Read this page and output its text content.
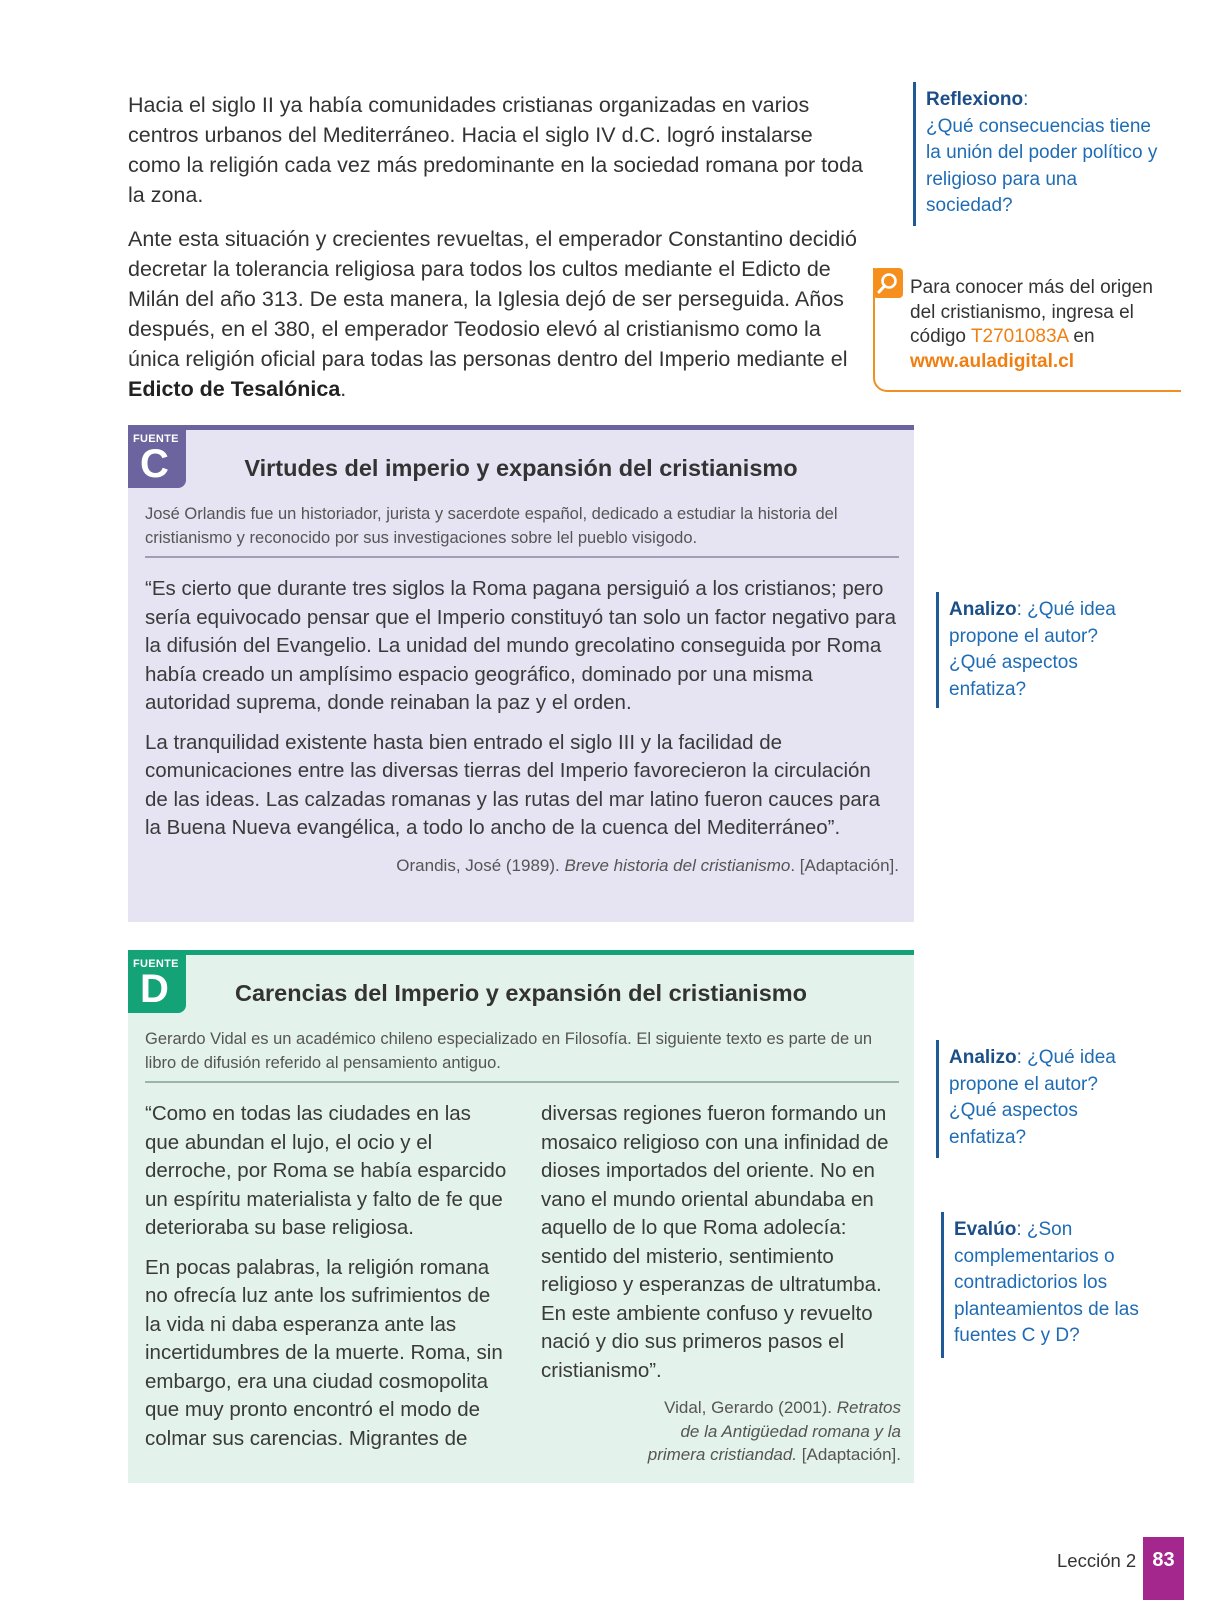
Hacia el siglo II ya había comunidades cristianas organizadas en varios centros urbanos del Mediterráneo. Hacia el siglo IV d.C. logró instalarse como la religión cada vez más predominante en la sociedad romana por toda la zona.

Ante esta situación y crecientes revueltas, el emperador Constantino decidió decretar la tolerancia religiosa para todos los cultos mediante el Edicto de Milán del año 313. De esta manera, la Iglesia dejó de ser perseguida. Años después, en el 380, el emperador Teodosio elevó al cristianismo como la única religión oficial para todas las personas dentro del Imperio mediante el Edicto de Tesalónica.

Reflexiono:
¿Qué consecuencias tiene la unión del poder político y religioso para una sociedad?
Para conocer más del origen del cristianismo, ingresa el código T2701083A en www.auladigital.cl
FUENTE
C	Virtudes del imperio y expansión del cristianismo
José Orlandis fue un historiador, jurista y sacerdote español, dedicado a estudiar la historia del cristianismo y reconocido por sus investigaciones sobre lel pueblo visigodo.

“Es cierto que durante tres siglos la Roma pagana persiguió a los cristianos; pero sería equivocado pensar que el Imperio constituyó tan solo un factor negativo para la difusión del Evangelio. La unidad del mundo grecolatino conseguida por Roma había creado un amplísimo espacio geográfico, dominado por una misma autoridad suprema, donde reinaban la paz y el orden.

La tranquilidad existente hasta bien entrado el siglo III y la facilidad de comunicaciones entre las diversas tierras del Imperio favorecieron la circulación de las ideas. Las calzadas romanas y las rutas del mar latino fueron cauces para la Buena Nueva evangélica, a todo lo ancho de la cuenca del Mediterráneo”.

Orandis, José (1989). Breve historia del cristianismo. [Adaptación].
Analizo: ¿Qué idea propone el autor? ¿Qué aspectos enfatiza?
FUENTE
D	Carencias del Imperio y expansión del cristianismo
Gerardo Vidal es un académico chileno especializado en Filosofía. El siguiente texto es parte de un libro de difusión referido al pensamiento antiguo.

“Como en todas las ciudades en las que abundan el lujo, el ocio y el derroche, por Roma se había esparcido un espíritu materialista y falto de fe que deterioraba su base religiosa.

En pocas palabras, la religión romana no ofrecía luz ante los sufrimientos de la vida ni daba esperanza ante las incertidumbres de la muerte. Roma, sin embargo, era una ciudad cosmopolita que muy pronto encontró el modo de colmar sus carencias. Migrantes de

diversas regiones fueron formando un mosaico religioso con una infinidad de dioses importados del oriente. No en vano el mundo oriental abundaba en aquello de lo que Roma adolecía: sentido del misterio, sentimiento religioso y esperanzas de ultratumba. En este ambiente confuso y revuelto nació y dio sus primeros pasos el cristianismo”.

Vidal, Gerardo (2001). Retratos de la Antigüedad romana y la primera cristiandad. [Adaptación].
Analizo: ¿Qué idea propone el autor? ¿Qué aspectos enfatiza?
Evalúo: ¿Son complementarios o contradictorios los planteamientos de las fuentes C y D?
Lección 2 83
